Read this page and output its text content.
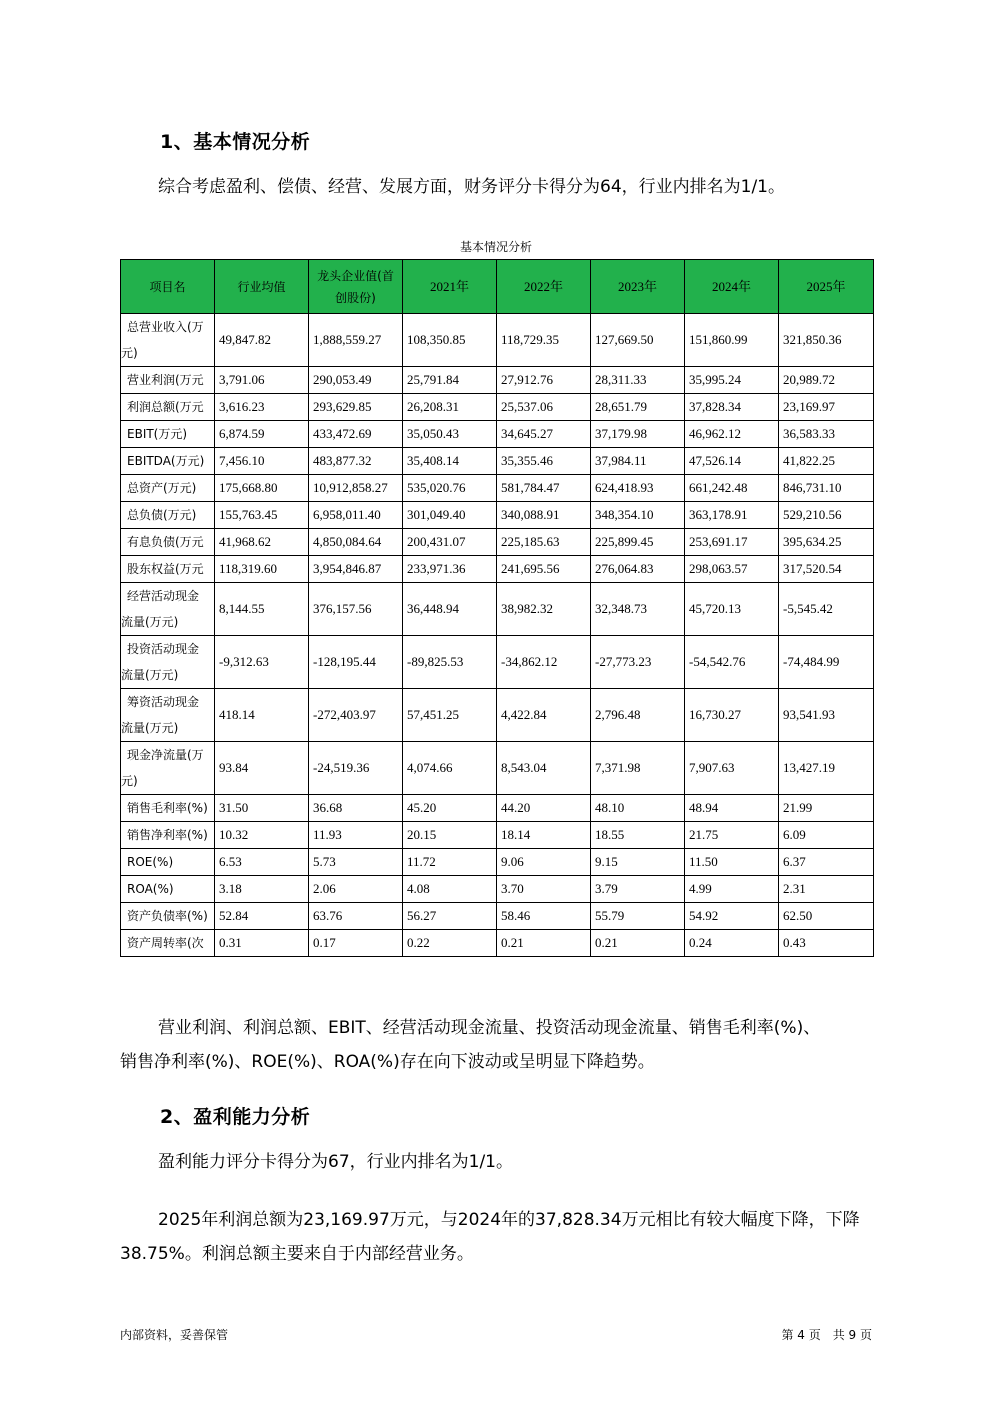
1、基本情况分析
综合考虑盈利、偿债、经营、发展方面，财务评分卡得分为64，行业内排名为1/1。
基本情况分析
项目名	行业均值	龙头企业值(首创股份)	2021年	2022年	2023年	2024年	2025年
总营业收入(万元)	49,847.82	1,888,559.27	108,350.85	118,729.35	127,669.50	151,860.99	321,850.36
营业利润(万元	3,791.06	290,053.49	25,791.84	27,912.76	28,311.33	35,995.24	20,989.72
利润总额(万元	3,616.23	293,629.85	26,208.31	25,537.06	28,651.79	37,828.34	23,169.97
EBIT(万元)	6,874.59	433,472.69	35,050.43	34,645.27	37,179.98	46,962.12	36,583.33
EBITDA(万元)	7,456.10	483,877.32	35,408.14	35,355.46	37,984.11	47,526.14	41,822.25
总资产(万元)	175,668.80	10,912,858.27	535,020.76	581,784.47	624,418.93	661,242.48	846,731.10
总负债(万元)	155,763.45	6,958,011.40	301,049.40	340,088.91	348,354.10	363,178.91	529,210.56
有息负债(万元	41,968.62	4,850,084.64	200,431.07	225,185.63	225,899.45	253,691.17	395,634.25
股东权益(万元	118,319.60	3,954,846.87	233,971.36	241,695.56	276,064.83	298,063.57	317,520.54
经营活动现金流量(万元)	8,144.55	376,157.56	36,448.94	38,982.32	32,348.73	45,720.13	-5,545.42
投资活动现金流量(万元)	-9,312.63	-128,195.44	-89,825.53	-34,862.12	-27,773.23	-54,542.76	-74,484.99
筹资活动现金流量(万元)	418.14	-272,403.97	57,451.25	4,422.84	2,796.48	16,730.27	93,541.93
现金净流量(万元)	93.84	-24,519.36	4,074.66	8,543.04	7,371.98	7,907.63	13,427.19
销售毛利率(%)	31.50	36.68	45.20	44.20	48.10	48.94	21.99
销售净利率(%)	10.32	11.93	20.15	18.14	18.55	21.75	6.09
ROE(%)	6.53	5.73	11.72	9.06	9.15	11.50	6.37
ROA(%)	3.18	2.06	4.08	3.70	3.79	4.99	2.31
资产负债率(%)	52.84	63.76	56.27	58.46	55.79	54.92	62.50
资产周转率(次	0.31	0.17	0.22	0.21	0.21	0.24	0.43
营业利润、利润总额、EBIT、经营活动现金流量、投资活动现金流量、销售毛利率(%)、
销售净利率(%)、ROE(%)、ROA(%)存在向下波动或呈明显下降趋势。
2、盈利能力分析
盈利能力评分卡得分为67，行业内排名为1/1。
2025年利润总额为23,169.97万元，与2024年的37,828.34万元相比有较大幅度下降，下降
38.75%。利润总额主要来自于内部经营业务。
内部资料，妥善保管	第 4 页　共 9 页
